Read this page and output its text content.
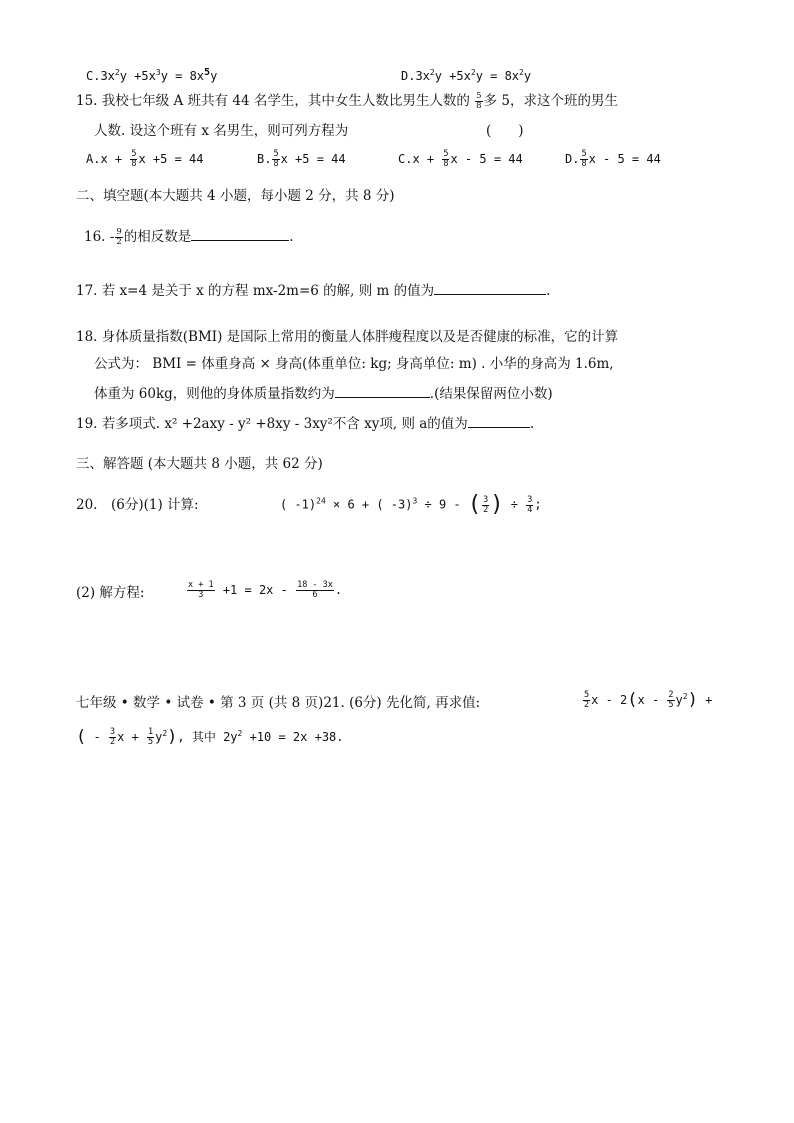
$C.3x^2y +5x^3y = 8x^5y$	$D.3x^2y +5x^2y = 8x^2y$
15. 我校七年级 A 班共有 44 名学生，其中女生人数比男生人数的 $\frac{5}{8}$ 多 5，求这个班的男生
人数. 设这个班有 x 名男生，则可列方程为	(　　)
$A.x + \frac{5}{8}$ x +5 = 44	B. $\frac{5}{8}$ x +5 = 44	$C.x + \frac{5}{8}$ x - 5 = 44	D. $\frac{5}{8}$ x - 5 = 44
二、填空题(本大题共 4 小题，每小题 2 分，共 8 分)
16. - $\frac{9}{2}$ 的相反数是	.
17. 若 x=4 是关于 x 的方程 mx-2m=6 的解, 则 m 的值为	.
18. 身体质量指数(BMI) 是国际上常用的衡量人体胖瘦程度以及是否健康的标准，它的计算
公式为： BMI = 体重身高 × 身高(体重单位: kg; 身高单位: m) . 小华的身高为 1.6m,
体重为 60kg，则他的身体质量指数约为	.(结果保留两位小数)
19. 若多项式. x² +2axy - y² +8xy - 3xy²不含 xy项, 则 a的值为	.
三、解答题 (本大题共 8 小题，共 62 分)
20.　(6分)(1) 计算:	( -1)$^{24}$ × 6 + ( -3)$^3$ ÷ 9 - ( $\frac{3}{2}$ ) ÷ $\frac{3}{4}$ ;
(2) 解方程:	$\frac{x + 1}{3} +1 = 2x - \frac{18 - 3x}{6}$ .
七年级 • 数学 • 试卷 • 第 3 页 (共 8 页)21. (6分) 先化简, 再求值:	$\frac{5}{2}$ x - $2(x - \frac{2}{5} y^2)$ +
( - $\frac{3}{2}$ $x + \frac{1}{5} y^2$), 其中 $2y^2 +10 = 2x +38$.
